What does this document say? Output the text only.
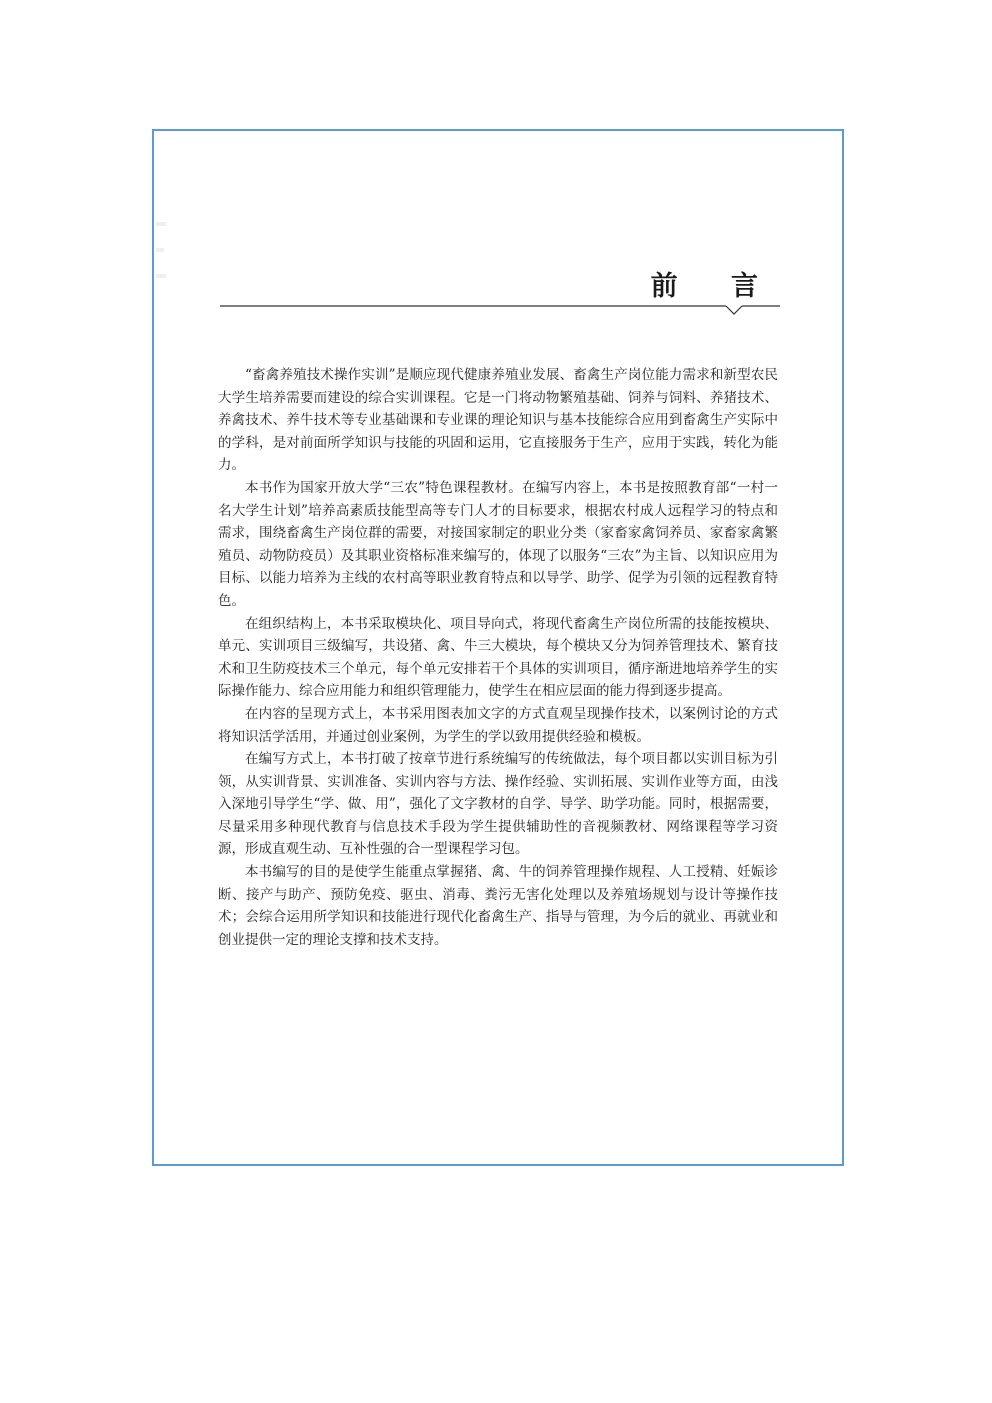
前 言

“畜禽养殖技术操作实训”是顺应现代健康养殖业发展、畜禽生产岗位能力需求和新型农民大学生培养需要而建设的综合实训课程。它是一门将动物繁殖基础、饲养与饲料、养猪技术、养禽技术、养牛技术等专业基础课和专业课的理论知识与基本技能综合应用到畜禽生产实际中的学科，是对前面所学知识与技能的巩固和运用，它直接服务于生产，应用于实践，转化为能力。

本书作为国家开放大学“三农”特色课程教材。在编写内容上，本书是按照教育部“一村一名大学生计划”培养高素质技能型高等专门人才的目标要求，根据农村成人远程学习的特点和需求，围绕畜禽生产岗位群的需要，对接国家制定的职业分类（家畜家禽饲养员、家畜家禽繁殖员、动物防疫员）及其职业资格标准来编写的，体现了以服务“三农”为主旨、以知识应用为目标、以能力培养为主线的农村高等职业教育特点和以导学、助学、促学为引领的远程教育特色。

在组织结构上，本书采取模块化、项目导向式，将现代畜禽生产岗位所需的技能按模块、单元、实训项目三级编写，共设猪、禽、牛三大模块，每个模块又分为饲养管理技术、繁育技术和卫生防疫技术三个单元，每个单元安排若干个具体的实训项目，循序渐进地培养学生的实际操作能力、综合应用能力和组织管理能力，使学生在相应层面的能力得到逐步提高。

在内容的呈现方式上，本书采用图表加文字的方式直观呈现操作技术，以案例讨论的方式将知识活学活用，并通过创业案例，为学生的学以致用提供经验和模板。

在编写方式上，本书打破了按章节进行系统编写的传统做法，每个项目都以实训目标为引领，从实训背景、实训准备、实训内容与方法、操作经验、实训拓展、实训作业等方面，由浅入深地引导学生“学、做、用”，强化了文字教材的自学、导学、助学功能。同时，根据需要，尽量采用多种现代教育与信息技术手段为学生提供辅助性的音视频教材、网络课程等学习资源，形成直观生动、互补性强的合一型课程学习包。

本书编写的目的是使学生能重点掌握猪、禽、牛的饲养管理操作规程、人工授精、妊娠诊断、接产与助产、预防免疫、驱虫、消毒、粪污无害化处理以及养殖场规划与设计等操作技术；会综合运用所学知识和技能进行现代化畜禽生产、指导与管理，为今后的就业、再就业和创业提供一定的理论支撑和技术支持。
